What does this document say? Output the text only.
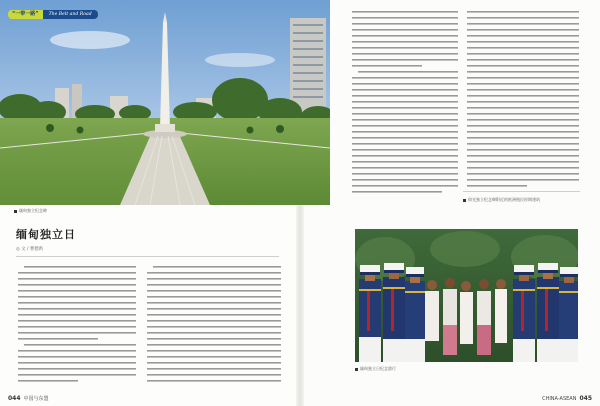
“一带一路”	The Belt and Road
缅甸独立纪念碑
缅甸独立日
◎ 文 / 曹德禹
仰光独立纪念碑附近的欧洲殖民时期建筑
缅甸独立日纪念游行
044 中国与东盟	CHINA-ASEAN 045
